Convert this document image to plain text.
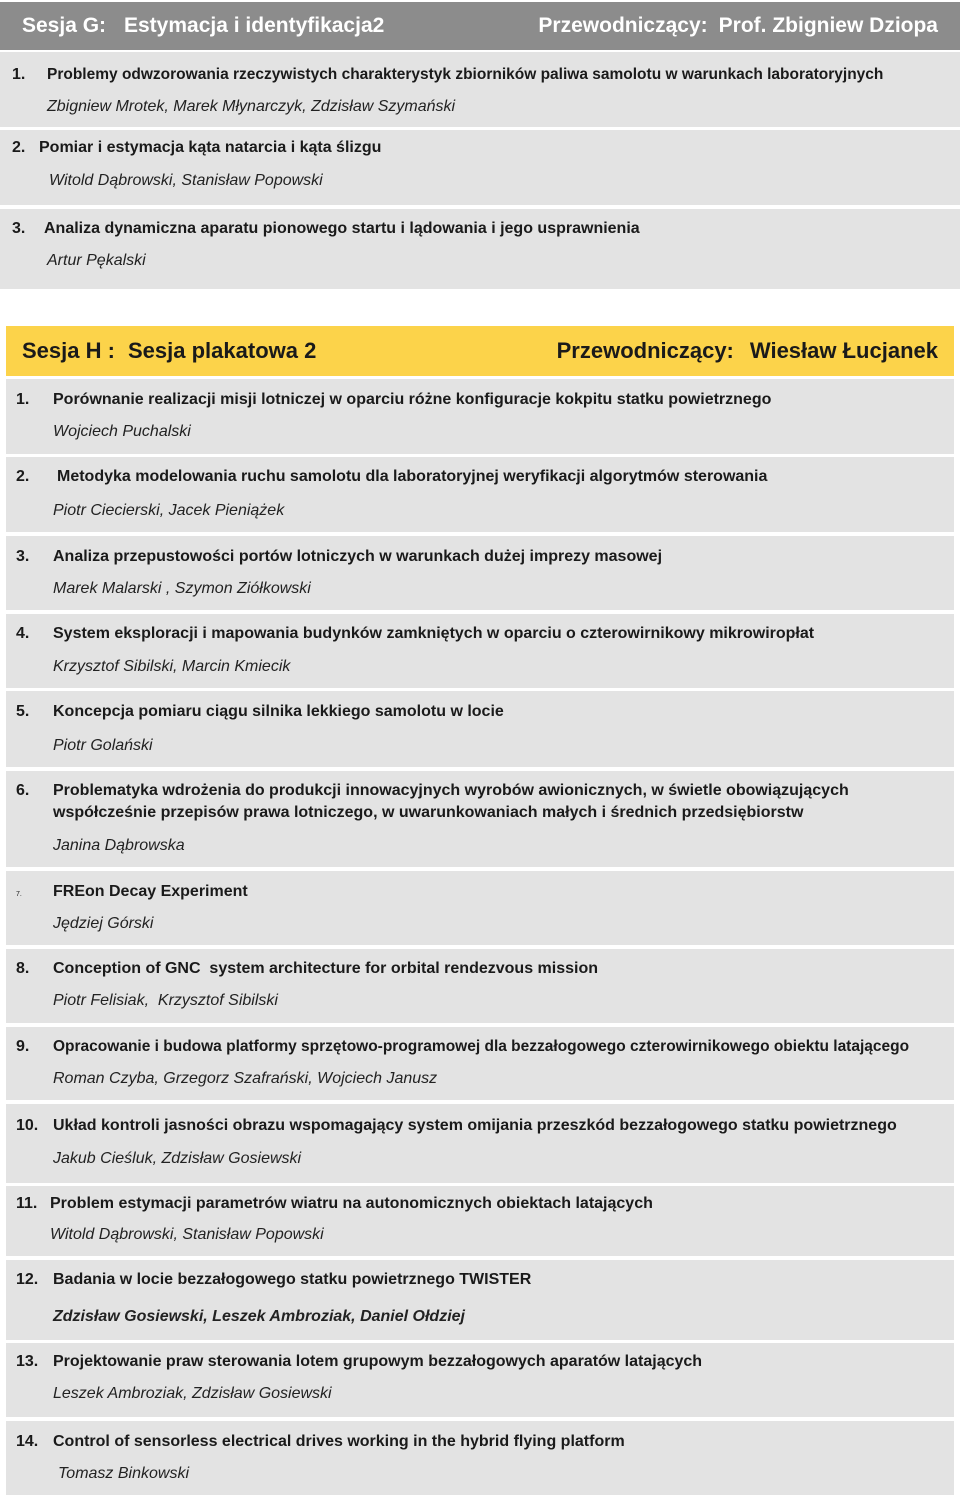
Sesja G: Estymacja i identyfikacja2	Przewodniczący: Prof. Zbigniew Dziopa
1. Problemy odwzorowania rzeczywistych charakterystyk zbiorników paliwa samolotu w warunkach laboratoryjnych
Zbigniew Mrotek, Marek Młynarczyk, Zdzisław Szymański
2. Pomiar i estymacja kąta natarcia i kąta ślizgu
Witold Dąbrowski, Stanisław Popowski
3. Analiza dynamiczna aparatu pionowego startu i lądowania i jego usprawnienia
Artur Pękalski
Sesja H : Sesja plakatowa 2	Przewodniczący: Wiesław Łucjanek
1. Porównanie realizacji misji lotniczej w oparciu różne konfiguracje kokpitu statku powietrznego
Wojciech Puchalski
2. Metodyka modelowania ruchu samolotu dla laboratoryjnej weryfikacji algorytmów sterowania
Piotr Ciecierski, Jacek Pieniążek
3. Analiza przepustowości portów lotniczych w warunkach dużej imprezy masowej
Marek Malarski , Szymon Ziółkowski
4. System eksploracji i mapowania budynków zamkniętych w oparciu o czterowirnikowy mikrowiropłat
Krzysztof Sibilski, Marcin Kmiecik
5. Koncepcja pomiaru ciągu silnika lekkiego samolotu w locie
Piotr Golański
6. Problematyka wdrożenia do produkcji innowacyjnych wyrobów awionicznych, w świetle obowiązujących
współcześnie przepisów prawa lotniczego, w uwarunkowaniach małych i średnich przedsiębiorstw
Janina Dąbrowska
7. FREon Decay Experiment
Jędziej Górski
8. Conception of GNC  system architecture for orbital rendezvous mission
Piotr Felisiak,  Krzysztof Sibilski
9. Opracowanie i budowa platformy sprzętowo-programowej dla bezzałogowego czterowirnikowego obiektu latającego
Roman Czyba, Grzegorz Szafrański, Wojciech Janusz
10. Układ kontroli jasności obrazu wspomagający system omijania przeszkód bezzałogowego statku powietrznego
Jakub Cieśluk, Zdzisław Gosiewski
11. Problem estymacji parametrów wiatru na autonomicznych obiektach latających
Witold Dąbrowski, Stanisław Popowski
12. Badania w locie bezzałogowego statku powietrznego TWISTER
Zdzisław Gosiewski, Leszek Ambroziak, Daniel Ołdziej
13. Projektowanie praw sterowania lotem grupowym bezzałogowych aparatów latających
Leszek Ambroziak, Zdzisław Gosiewski
14. Control of sensorless electrical drives working in the hybrid flying platform
Tomasz Binkowski
